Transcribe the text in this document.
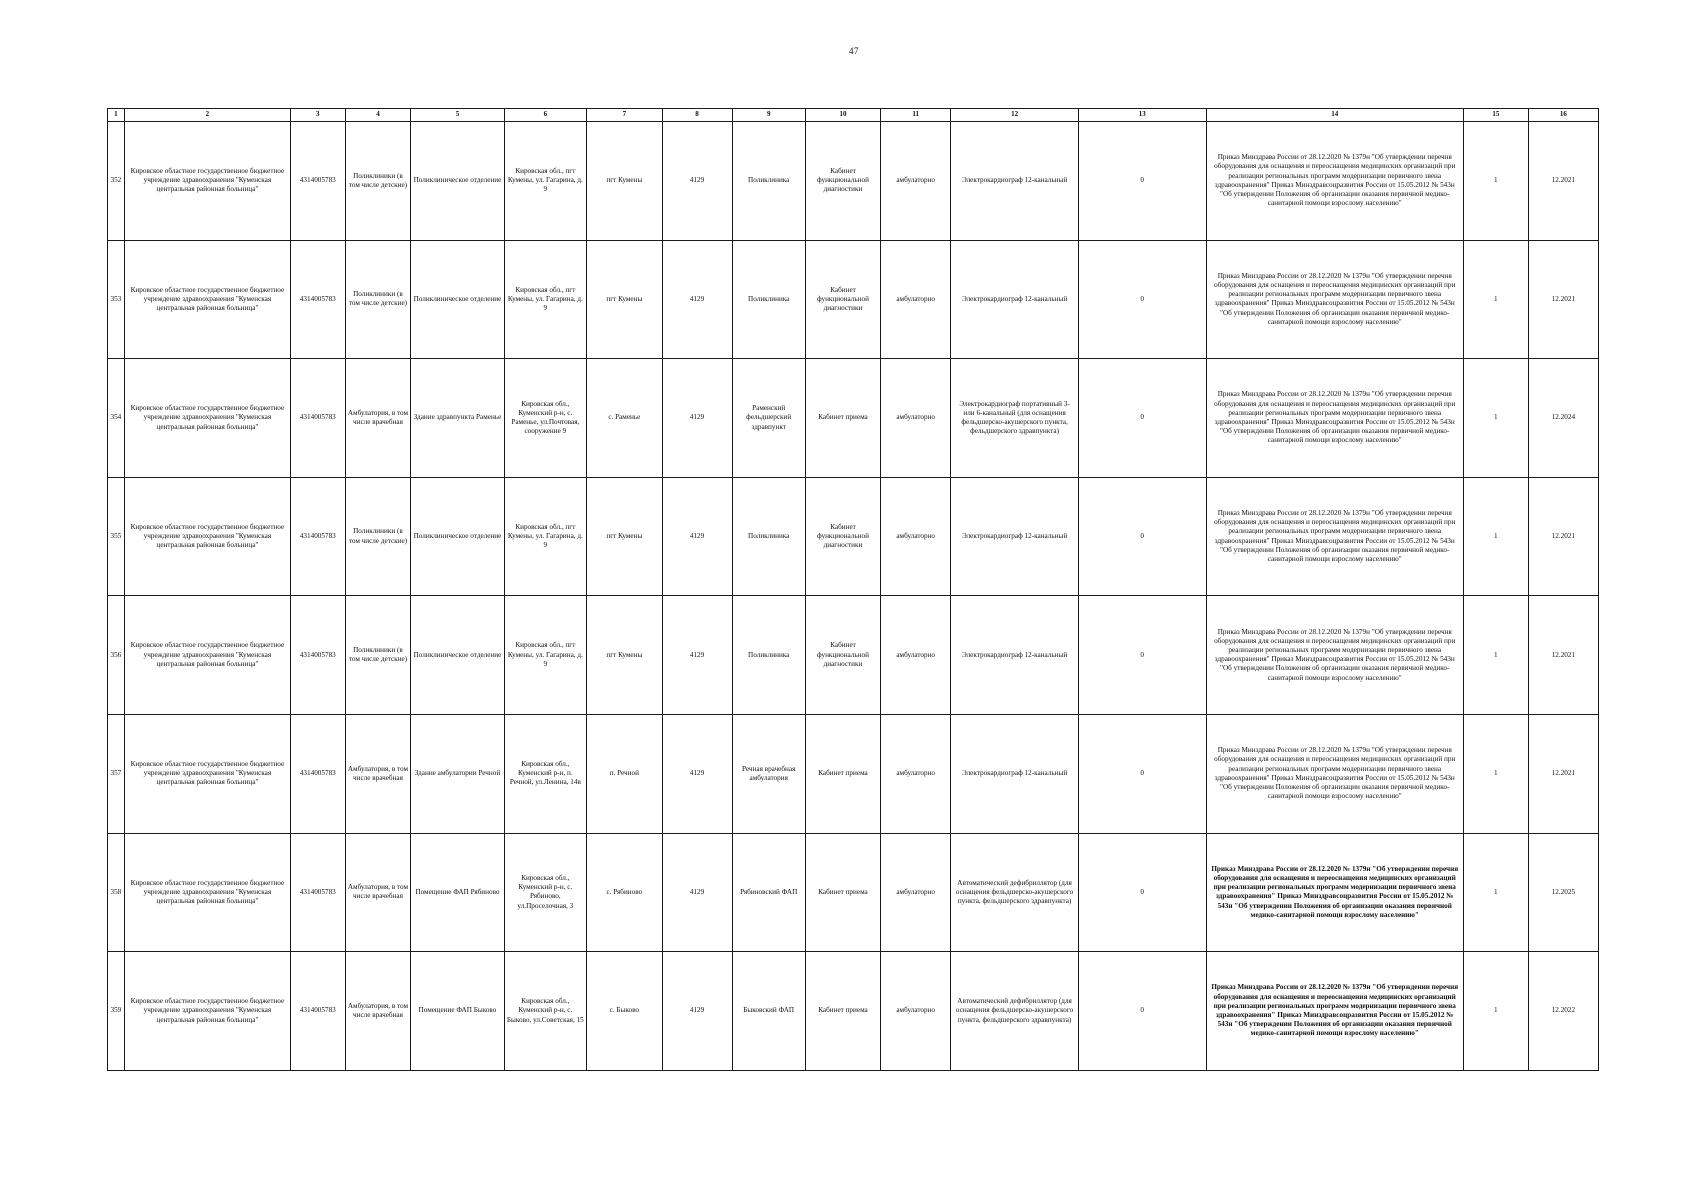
47
1	2	3	4	5	6	7	8	9	10	11	12	13	14	15	16
352	Кировское областное государственное бюджетное учреждение здравоохранения "Куменская центральная районная больница"	4314005783	Поликлиники (в том числе детские)	Поликлиническое отделение	Кировская обл., пгт Кумены, ул. Гагарина, д. 9	пгт Кумены	4129	Поликлиника	Кабинет функциональной диагностики	амбулаторно	Электрокардиограф 12-канальный	0	Приказ Минздрава России от 28.12.2020 № 1379н "Об утверждении перечня оборудования для оснащения и переоснащения медицинских организаций при реализации региональных программ модернизации первичного звена здравоохранения" Приказ Минздравсоцразвития России от 15.05.2012 № 543н "Об утверждении Положения об организации оказания первичной медико-санитарной помощи взрослому населению"	1	12.2021
353	Кировское областное государственное бюджетное учреждение здравоохранения "Куменская центральная районная больница"	4314005783	Поликлиники (в том числе детские)	Поликлиническое отделение	Кировская обл., пгт Кумены, ул. Гагарина, д. 9	пгт Кумены	4129	Поликлиника	Кабинет функциональной диагностики	амбулаторно	Электрокардиограф 12-канальный	0	Приказ Минздрава России от 28.12.2020 № 1379н "Об утверждении перечня оборудования для оснащения и переоснащения медицинских организаций при реализации региональных программ модернизации первичного звена здравоохранения" Приказ Минздравсоцразвития России от 15.05.2012 № 543н "Об утверждении Положения об организации оказания первичной медико-санитарной помощи взрослому населению"	1	12.2021
354	Кировское областное государственное бюджетное учреждение здравоохранения "Куменская центральная районная больница"	4314005783	Амбулатория, в том числе врачебная	Здание здравпункта Раменье	Кировская обл., Куменский р-н, с. Раменье, ул.Почтовая, сооружение 9	с. Раменье	4129	Раменский фельдшерский здравпункт	Кабинет приема	амбулаторно	Электрокардиограф портативный 3- или 6-канальный (для оснащения фельдшерско-акушерского пункта, фельдшерского здравпункта)	0	Приказ Минздрава России от 28.12.2020 № 1379н "Об утверждении перечня оборудования для оснащения и переоснащения медицинских организаций при реализации региональных программ модернизации первичного звена здравоохранения" Приказ Минздравсоцразвития России от 15.05.2012 № 543н "Об утверждении Положения об организации оказания первичной медико-санитарной помощи взрослому населению"	1	12.2024
355	Кировское областное государственное бюджетное учреждение здравоохранения "Куменская центральная районная больница"	4314005783	Поликлиники (в том числе детские)	Поликлиническое отделение	Кировская обл., пгт Кумены, ул. Гагарина, д. 9	пгт Кумены	4129	Поликлиника	Кабинет функциональной диагностики	амбулаторно	Электрокардиограф 12-канальный	0	Приказ Минздрава России от 28.12.2020 № 1379н "Об утверждении перечня оборудования для оснащения и переоснащения медицинских организаций при реализации региональных программ модернизации первичного звена здравоохранения" Приказ Минздравсоцразвития России от 15.05.2012 № 543н "Об утверждении Положения об организации оказания первичной медико-санитарной помощи взрослому населению"	1	12.2021
356	Кировское областное государственное бюджетное учреждение здравоохранения "Куменская центральная районная больница"	4314005783	Поликлиники (в том числе детские)	Поликлиническое отделение	Кировская обл., пгт Кумены, ул. Гагарина, д. 9	пгт Кумены	4129	Поликлиника	Кабинет функциональной диагностики	амбулаторно	Электрокардиограф 12-канальный	0	Приказ Минздрава России от 28.12.2020 № 1379н "Об утверждении перечня оборудования для оснащения и переоснащения медицинских организаций при реализации региональных программ модернизации первичного звена здравоохранения" Приказ Минздравсоцразвития России от 15.05.2012 № 543н "Об утверждении Положения об организации оказания первичной медико-санитарной помощи взрослому населению"	1	12.2021
357	Кировское областное государственное бюджетное учреждение здравоохранения "Куменская центральная районная больница"	4314005783	Амбулатория, в том числе врачебная	Здание амбулатории Речной	Кировская обл., Куменский р-н, п. Речной, ул.Ленина, 14в	п. Речной	4129	Речная врачебная амбулатория	Кабинет приема	амбулаторно	Электрокардиограф 12-канальный	0	Приказ Минздрава России от 28.12.2020 № 1379н "Об утверждении перечня оборудования для оснащения и переоснащения медицинских организаций при реализации региональных программ модернизации первичного звена здравоохранения" Приказ Минздравсоцразвития России от 15.05.2012 № 543н "Об утверждении Положения об организации оказания первичной медико-санитарной помощи взрослому населению"	1	12.2021
358	Кировское областное государственное бюджетное учреждение здравоохранения "Куменская центральная районная больница"	4314005783	Амбулатория, в том числе врачебная	Помещение ФАП Рябиново	Кировская обл., Куменский р-н, с. Рябиново, ул.Проселочная, 3	с. Рябиново	4129	Рябиновский ФАП	Кабинет приема	амбулаторно	Автоматический дефибриллятор (для оснащения фельдшерско-акушерского пункта, фельдшерского здравпункта)	0	Приказ Минздрава России от 28.12.2020 № 1379н "Об утверждении перечня оборудования для оснащения и переоснащения медицинских организаций при реализации региональных программ модернизации первичного звена здравоохранения" Приказ Минздравсоцразвития России от 15.05.2012 № 543н "Об утверждении Положения об организации оказания первичной медико-санитарной помощи взрослому населению"	1	12.2025
359	Кировское областное государственное бюджетное учреждение здравоохранения "Куменская центральная районная больница"	4314005783	Амбулатория, в том числе врачебная	Помещение ФАП Быково	Кировская обл., Куменский р-н, с. Быково, ул.Советская, 15	с. Быково	4129	Быковский ФАП	Кабинет приема	амбулаторно	Автоматический дефибриллятор (для оснащения фельдшерско-акушерского пункта, фельдшерского здравпункта)	0	Приказ Минздрава России от 28.12.2020 № 1379н "Об утверждении перечня оборудования для оснащения и переоснащения медицинских организаций при реализации региональных программ модернизации первичного звена здравоохранения" Приказ Минздравсоцразвития России от 15.05.2012 № 543н "Об утверждении Положения об организации оказания первичной медико-санитарной помощи взрослому населению"	1	12.2022
